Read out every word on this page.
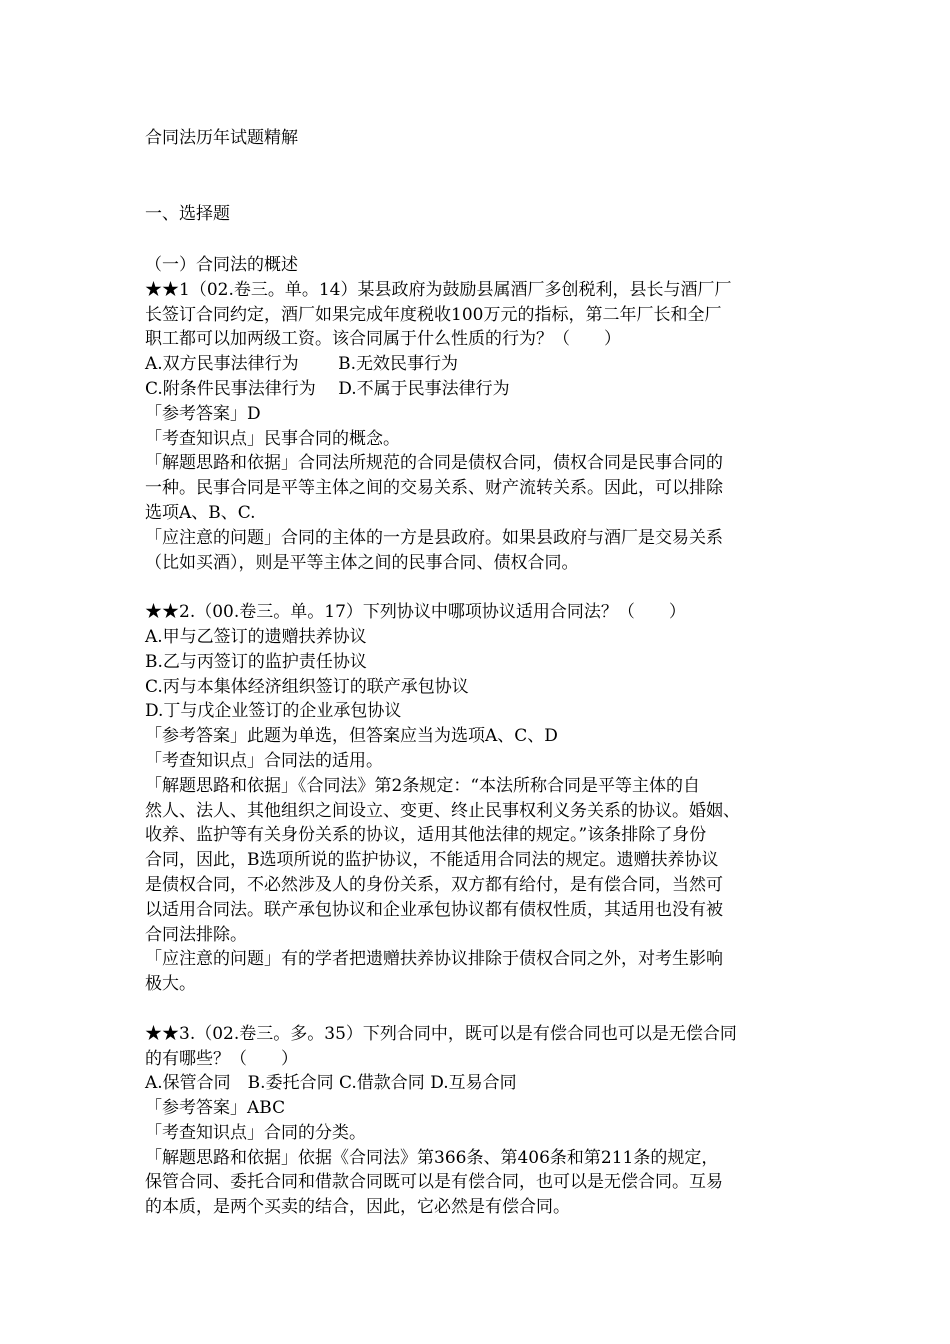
合同法历年试题精解
一、选择题
（一）合同法的概述
★★1（02.卷三。单。14）某县政府为鼓励县属酒厂多创税利，县长与酒厂厂
长签订合同约定，酒厂如果完成年度税收100万元的指标，第二年厂长和全厂
职工都可以加两级工资。该合同属于什么性质的行为？（　　）
A.双方民事法律行为　　 B.无效民事行为
C.附条件民事法律行为　 D.不属于民事法律行为
「参考答案」D
「考查知识点」民事合同的概念。
「解题思路和依据」合同法所规范的合同是债权合同，债权合同是民事合同的
一种。民事合同是平等主体之间的交易关系、财产流转关系。因此，可以排除
选项A、B、C.
「应注意的问题」合同的主体的一方是县政府。如果县政府与酒厂是交易关系
（比如买酒），则是平等主体之间的民事合同、债权合同。
★★2.（00.卷三。单。17）下列协议中哪项协议适用合同法？（　　）
A.甲与乙签订的遗赠扶养协议
B.乙与丙签订的监护责任协议
C.丙与本集体经济组织签订的联产承包协议
D.丁与戊企业签订的企业承包协议
「参考答案」此题为单选，但答案应当为选项A、C、D
「考查知识点」合同法的适用。
「解题思路和依据」《合同法》第2条规定：“本法所称合同是平等主体的自
然人、法人、其他组织之间设立、变更、终止民事权利义务关系的协议。婚姻、
收养、监护等有关身份关系的协议，适用其他法律的规定。”该条排除了身份
合同，因此，B选项所说的监护协议，不能适用合同法的规定。遗赠扶养协议
是债权合同，不必然涉及人的身份关系，双方都有给付，是有偿合同，当然可
以适用合同法。联产承包协议和企业承包协议都有债权性质，其适用也没有被
合同法排除。
「应注意的问题」有的学者把遗赠扶养协议排除于债权合同之外，对考生影响
极大。
★★3.（02.卷三。多。35）下列合同中，既可以是有偿合同也可以是无偿合同
的有哪些？（　　）
A.保管合同　B.委托合同 C.借款合同 D.互易合同
「参考答案」ABC
「考查知识点」合同的分类。
「解题思路和依据」依据《合同法》第366条、第406条和第211条的规定，
保管合同、委托合同和借款合同既可以是有偿合同，也可以是无偿合同。互易
的本质，是两个买卖的结合，因此，它必然是有偿合同。
